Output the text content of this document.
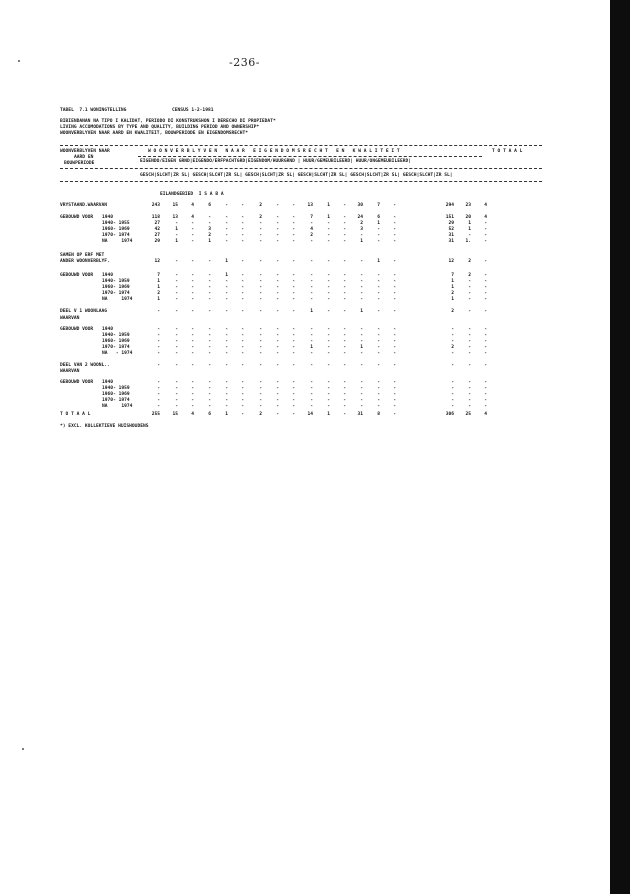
-236-
TABEL  7.1 WONINGTELLING	CENSUS 1-2-1981
BIBIENDANAN NA TIPO I KALIDAT, PERIODO DI KONSTRUKSHON I DERECHO DI PROPIEDAT*
LIVING ACCOMODATIONS BY TYPE AND QUALITY, BUILDING PERIOD AND OWNERSHIP*
WOONVERBLYVEN NAAR AARD EN KWALITEIT, BOUWPERIODE EN EIGENDOMSRECHT*
WOONVERBLYVEN NAAR
AARD EN
BOUWPERIODE
W O O N V E R B L Y V E N   N A A R   E I G E N D O M S R E C H T   E N   K W A L I T E I T	T O T A A L
EIGENDO/EIGEN GRND|EIGENDO/ERFPACHTGRD|EIGENDOM/HUURGRND | HUUR/GEMEUBILEERD| HUUR/ONGEMEUBILEERD|
GESCH|SLCHT|ZR SL| GESCH|SLCHT|ZR SL| GESCH|SLCHT|ZR SL| GESCH|SLCHT|ZR SL| GESCH|SLCHT|ZR SL| GESCH|SLCHT|ZR SL|
EILANDGEBIED  I S A B A
VRYSTAAND.WAARVAN	243	15	4	6	-	-	2	-	-	13	1	-	30	7	-	294	23	4
GEBOUWD VOOR 1940	118	13	4	-	-	-	2	-	-	7	1	-	24	6	-	151	20	4
1940- 1955	27	-	-	-	-	-	-	-	-	-	-	-	2	1	-	29	1	-
1960- 1969	42	1	-	3	-	-	-	-	-	4	-	-	3	-	-	52	1	-
1970- 1974	27	-	-	2	-	-	-	-	-	2	-	-	-	-	-	31	-	-
NA     1974	29	1	-	1	-	-	-	-	-	-	-	-	1	-	-	31	1.	-
SAMEN OP ERF MET
ANDER WOONVERBLYF.	12	-	-	-	1	-	-	-	-	-	-	-	-	1	-	12	2	-
GEBOUWD VOOR 1940	7	-	-	-	1	-	-	-	-	-	-	-	-	-	-	7	2	-
1940- 1959	1	-	-	-	-	-	-	-	-	-	-	-	-	-	-	1	-	-
1960- 1969	1	-	-	-	-	-	-	-	-	-	-	-	-	-	-	1	-	-
1970- 1974	2	-	-	-	-	-	-	-	-	-	-	-	-	-	-	2	-	-
NA     1974	1	-	-	-	-	-	-	-	-	-	-	-	-	-	-	1	-	-
DEEL V 1 WOONLAAG	-	-	-	-	-	-	-	-	-	1	-	-	1	-	-	2	-	-
WAARVAN
GEBOUWD VOOR 1940	-	-	-	-	-	-	-	-	-	-	-	-	-	-	-	-	-	-
1940- 1959	-	-	-	-	-	-	-	-	-	-	-	-	-	-	-	-	-	-
1960- 1969	-	-	-	-	-	-	-	-	-	-	-	-	-	-	-	-	-	-
1970- 1974	-	-	-	-	-	-	-	-	-	1	-	-	1	-	-	2	-	-
NA   - 1974	-	-	-	-	-	-	-	-	-	-	-	-	-	-	-	-	-	-
DEEL VAN 2 WOONL..	-	-	-	-	-	-	-	-	-	-	-	-	-	-	-	-	-	-
WAARVAN
GEBOUWD VOOR 1940	-	-	-	-	-	-	-	-	-	-	-	-	-	-	-	-	-	-
1940- 1959	-	-	-	-	-	-	-	-	-	-	-	-	-	-	-	-	-	-
1960- 1969	-	-	-	-	-	-	-	-	-	-	-	-	-	-	-	-	-	-
1970- 1974	-	-	-	-	-	-	-	-	-	-	-	-	-	-	-	-	-	-
NA     1974	-	-	-	-	-	-	-	-	-	-	-	-	-	-	-	-	-	-
T O T A A L	255	15	4	6	1	-	2	-	-	14	1	-	31	8	-	306	25	4
*) EXCL. KOLLEKTIEVE HUISHOUDENS
